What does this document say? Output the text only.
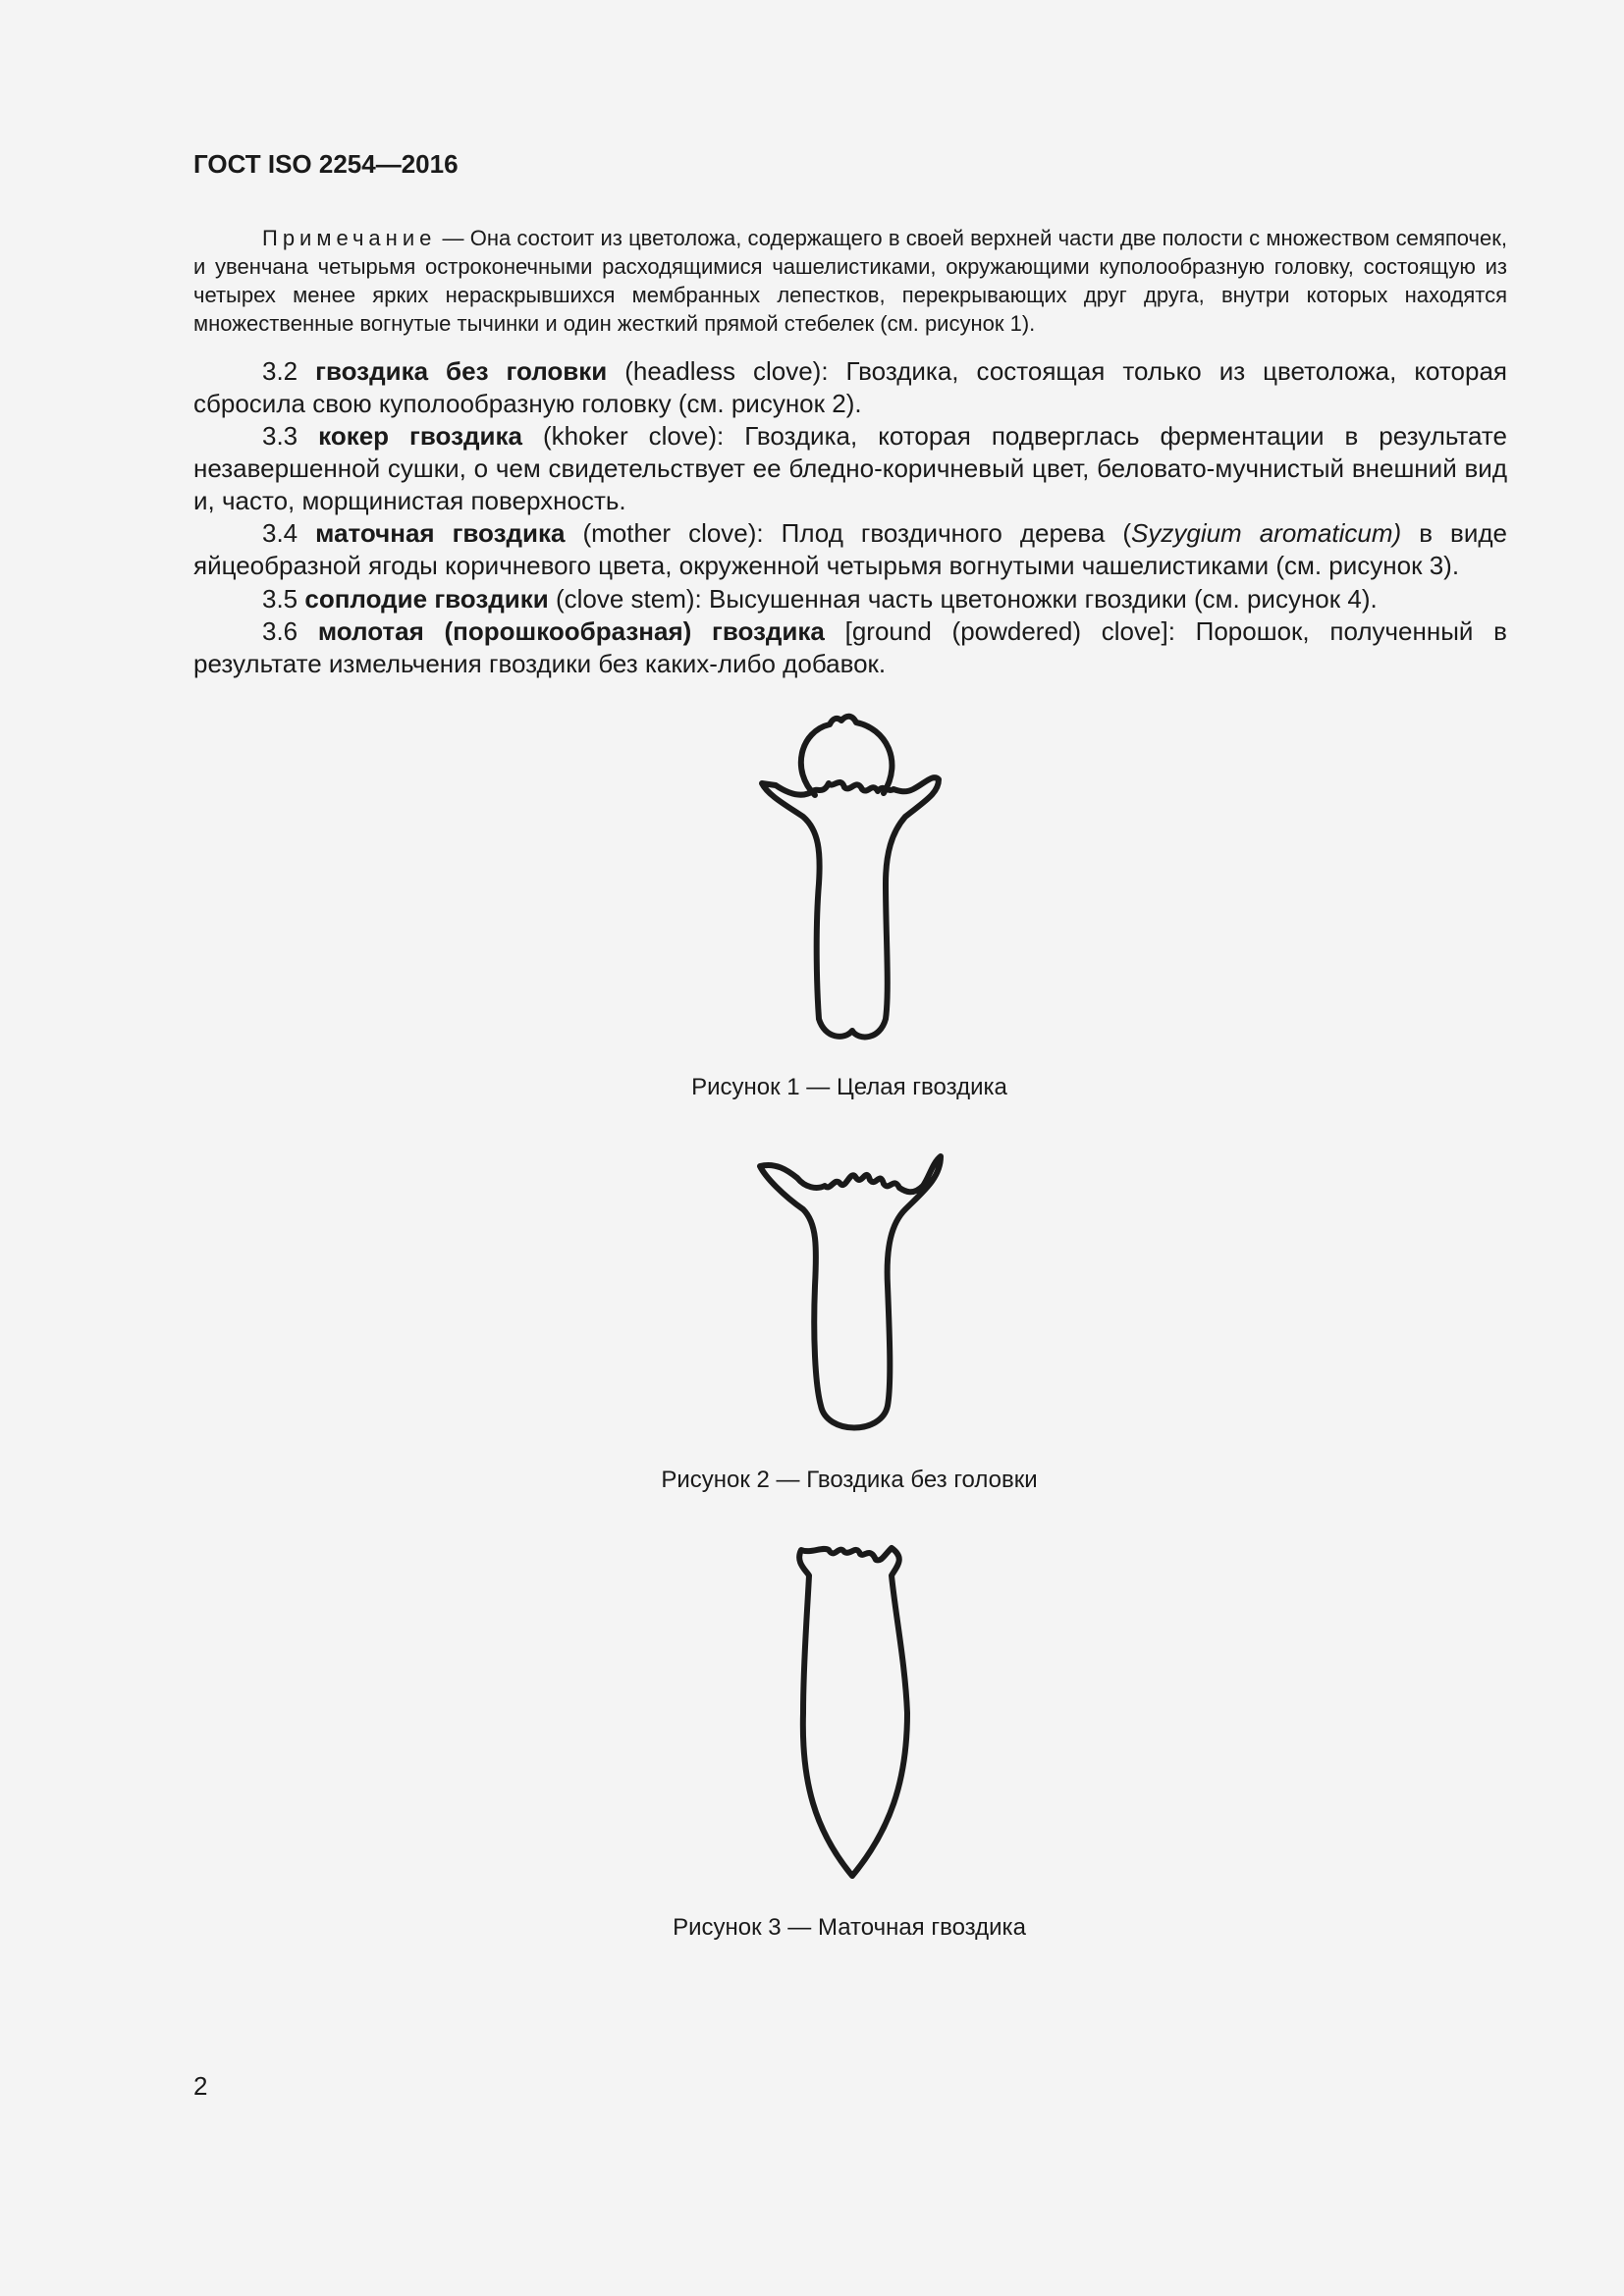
ГОСТ ISO 2254—2016
Примечание — Она состоит из цветоложа, содержащего в своей верхней части две полости с множеством семяпочек, и увенчана четырьмя остроконечными расходящимися чашелистиками, окружающими куполообразную головку, состоящую из четырех менее ярких нераскрывшихся мембранных лепестков, перекрывающих друг друга, внутри которых находятся множественные вогнутые тычинки и один жесткий прямой стебелек (см. рисунок 1).
3.2 гвоздика без головки (headless clove): Гвоздика, состоящая только из цветоложа, которая сбросила свою куполообразную головку (см. рисунок 2).
3.3 кокер гвоздика (khoker clove): Гвоздика, которая подверглась ферментации в результате незавершенной сушки, о чем свидетельствует ее бледно-коричневый цвет, беловато-мучнистый внешний вид и, часто, морщинистая поверхность.
3.4 маточная гвоздика (mother clove): Плод гвоздичного дерева (Syzygium aromaticum) в виде яйцеобразной ягоды коричневого цвета, окруженной четырьмя вогнутыми чашелистиками (см. рисунок 3).
3.5 соплодие гвоздики (clove stem): Высушенная часть цветоножки гвоздики (см. рисунок 4).
3.6 молотая (порошкообразная) гвоздика [ground (powdered) clove]: Порошок, полученный в результате измельчения гвоздики без каких-либо добавок.
Рисунок 1 — Целая гвоздика
Рисунок 2 — Гвоздика без головки
Рисунок 3 — Маточная гвоздика
2
